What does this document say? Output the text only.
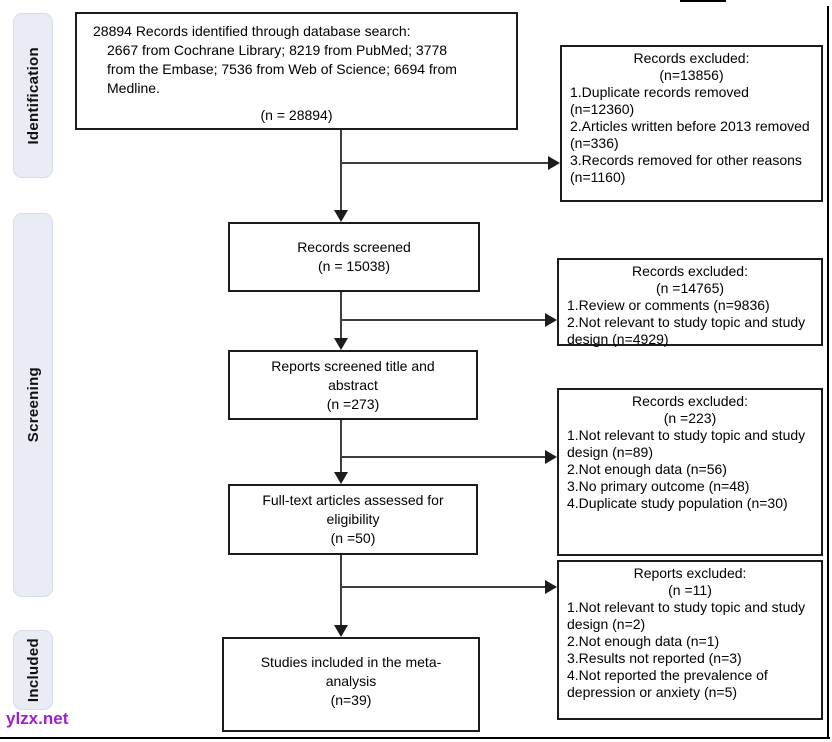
Identification
Screening
Included
28894 Records identified through database search:
2667 from Cochrane Library; 8219 from PubMed; 3778
from the Embase; 7536 from Web of Science; 6694 from
Medline.
(n = 28894)
Records screened
(n = 15038)
Reports screened title and
abstract
(n =273)
Full-text articles assessed for
eligibility
(n =50)
Studies included in the meta-
analysis
(n=39)
Records excluded:
(n=13856)
1.Duplicate records removed (n=12360)
2.Articles written before 2013 removed (n=336)
3.Records removed for other reasons (n=1160)
Records excluded:
(n =14765)
1.Review or comments (n=9836)
2.Not relevant to study topic and study design (n=4929)
Records excluded:
(n =223)
1.Not relevant to study topic and study design (n=89)
2.Not enough data (n=56)
3.No primary outcome (n=48)
4.Duplicate study population (n=30)
Reports excluded:
(n =11)
1.Not relevant to study topic and study design (n=2)
2.Not enough data (n=1)
3.Results not reported (n=3)
4.Not reported the prevalence of depression or anxiety (n=5)
ylzx.net
